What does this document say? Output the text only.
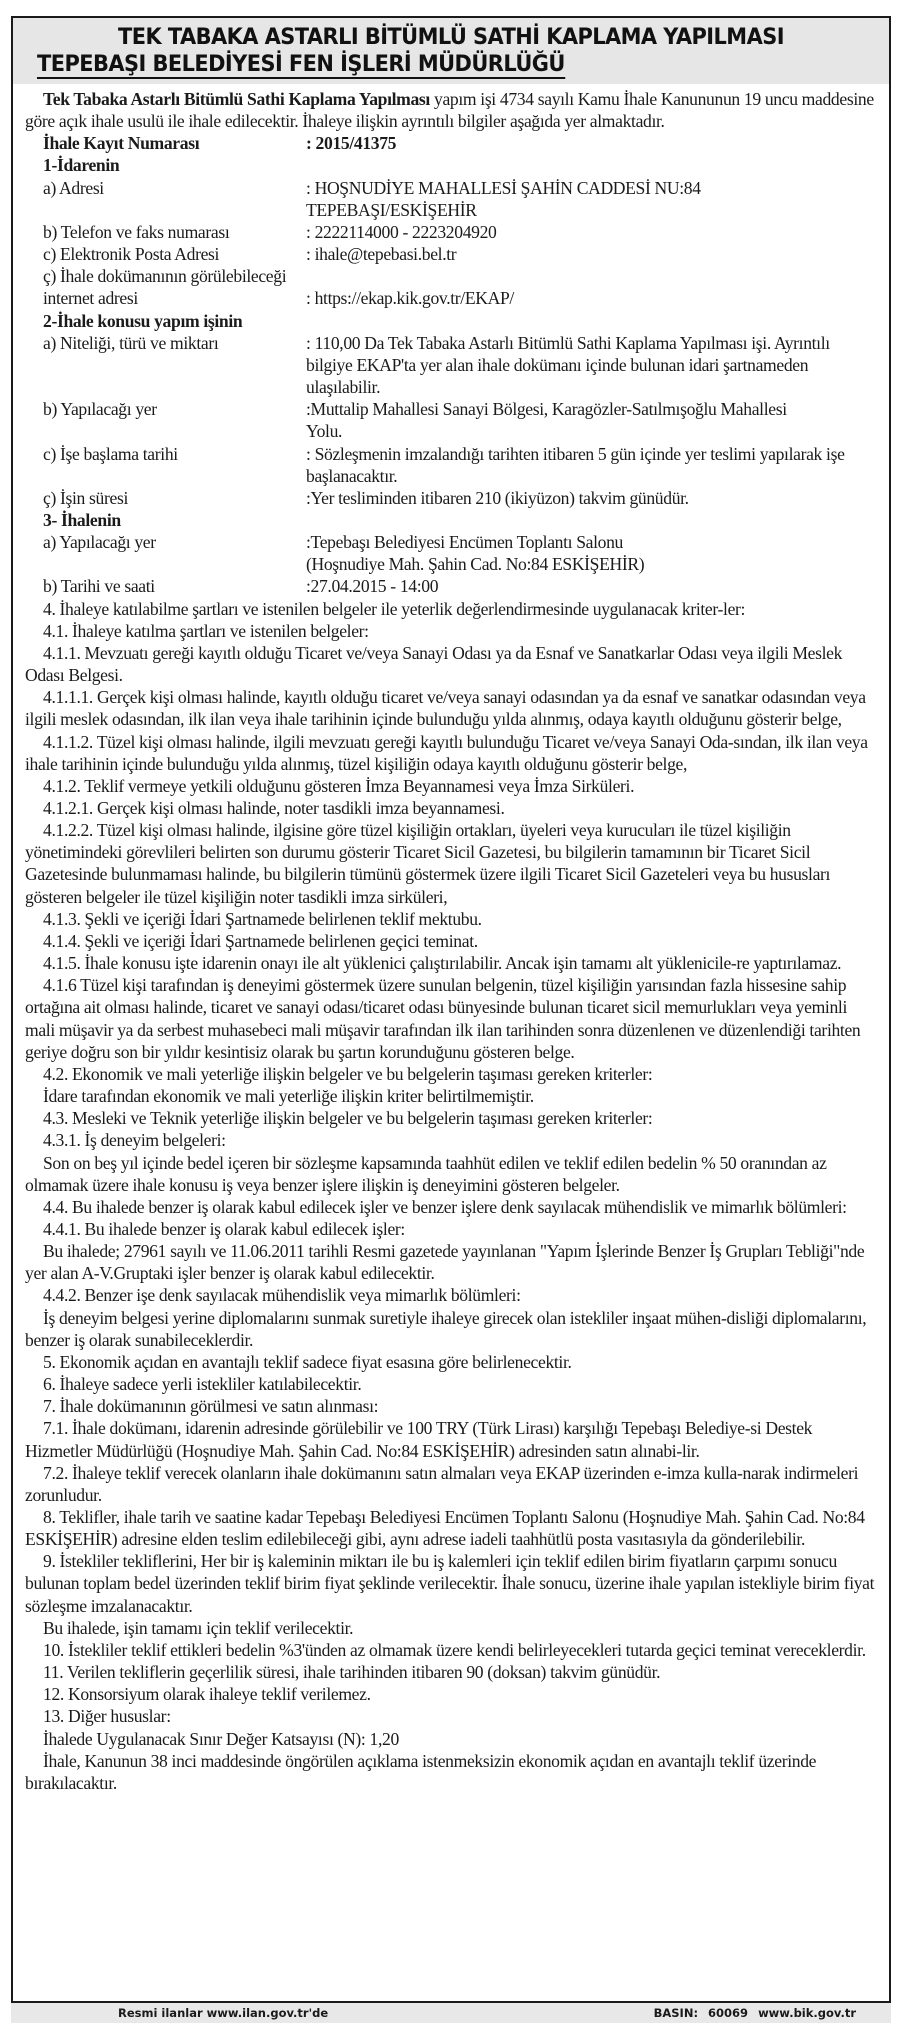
TEK TABAKA ASTARLI BİTÜMLÜ SATHİ KAPLAMA YAPILMASI
TEPEBAŞI BELEDİYESİ FEN İŞLERİ MÜDÜRLÜĞÜ

Tek Tabaka Astarlı Bitümlü Sathi Kaplama Yapılması yapım işi 4734 sayılı Kamu İhale Kanununun 19 uncu maddesine göre açık ihale usulü ile ihale edilecektir. İhaleye ilişkin ayrıntılı bilgiler aşağıda yer almaktadır.

İhale Kayıt Numarası	: 2015/41375
1-İdarenin
a) Adresi	: HOŞNUDİYE MAHALLESİ ŞAHİN CADDESİ NU:84 TEPEBAŞI/ESKİŞEHİR
b) Telefon ve faks numarası	: 2222114000 - 2223204920
c) Elektronik Posta Adresi	: ihale@tepebasi.bel.tr
ç) İhale dokümanının görülebileceği
internet adresi	: https://ekap.kik.gov.tr/EKAP/
2-İhale konusu yapım işinin
a) Niteliği, türü ve miktarı	: 110,00 Da Tek Tabaka Astarlı Bitümlü Sathi Kaplama Yapılması işi. Ayrıntılı bilgiye EKAP'ta yer alan ihale dokümanı içinde bulunan idari şartnameden ulaşılabilir.
b) Yapılacağı yer	:Muttalip Mahallesi Sanayi Bölgesi, Karagözler-Satılmışoğlu Mahallesi Yolu.
c) İşe başlama tarihi	: Sözleşmenin imzalandığı tarihten itibaren 5 gün içinde yer teslimi yapılarak işe başlanacaktır.
ç) İşin süresi	:Yer tesliminden itibaren 210 (ikiyüzon) takvim günüdür.
3- İhalenin
a) Yapılacağı yer	:Tepebaşı Belediyesi Encümen Toplantı Salonu
(Hoşnudiye Mah. Şahin Cad. No:84 ESKİŞEHİR)
b) Tarihi ve saati	:27.04.2015 - 14:00

4. İhaleye katılabilme şartları ve istenilen belgeler ile yeterlik değerlendirmesinde uygulanacak kriter-ler:

4.1. İhaleye katılma şartları ve istenilen belgeler:

4.1.1. Mevzuatı gereği kayıtlı olduğu Ticaret ve/veya Sanayi Odası ya da Esnaf ve Sanatkarlar Odası veya ilgili Meslek Odası Belgesi.

4.1.1.1. Gerçek kişi olması halinde, kayıtlı olduğu ticaret ve/veya sanayi odasından ya da esnaf ve sanatkar odasından veya ilgili meslek odasından, ilk ilan veya ihale tarihinin içinde bulunduğu yılda alınmış, odaya kayıtlı olduğunu gösterir belge,

4.1.1.2. Tüzel kişi olması halinde, ilgili mevzuatı gereği kayıtlı bulunduğu Ticaret ve/veya Sanayi Oda-sından, ilk ilan veya ihale tarihinin içinde bulunduğu yılda alınmış, tüzel kişiliğin odaya kayıtlı olduğunu gösterir belge,

4.1.2. Teklif vermeye yetkili olduğunu gösteren İmza Beyannamesi veya İmza Sirküleri.

4.1.2.1. Gerçek kişi olması halinde, noter tasdikli imza beyannamesi.

4.1.2.2. Tüzel kişi olması halinde, ilgisine göre tüzel kişiliğin ortakları, üyeleri veya kurucuları ile tüzel kişiliğin yönetimindeki görevlileri belirten son durumu gösterir Ticaret Sicil Gazetesi, bu bilgilerin tamamının bir Ticaret Sicil Gazetesinde bulunmaması halinde, bu bilgilerin tümünü göstermek üzere ilgili Ticaret Sicil Gazeteleri veya bu hususları gösteren belgeler ile tüzel kişiliğin noter tasdikli imza sirküleri,

4.1.3. Şekli ve içeriği İdari Şartnamede belirlenen teklif mektubu.

4.1.4. Şekli ve içeriği İdari Şartnamede belirlenen geçici teminat.

4.1.5. İhale konusu işte idarenin onayı ile alt yüklenici çalıştırılabilir. Ancak işin tamamı alt yüklenicile-re yaptırılamaz.

4.1.6 Tüzel kişi tarafından iş deneyimi göstermek üzere sunulan belgenin, tüzel kişiliğin yarısından fazla hissesine sahip ortağına ait olması halinde, ticaret ve sanayi odası/ticaret odası bünyesinde bulunan ticaret sicil memurlukları veya yeminli mali müşavir ya da serbest muhasebeci mali müşavir tarafından ilk ilan tarihinden sonra düzenlenen ve düzenlendiği tarihten geriye doğru son bir yıldır kesintisiz olarak bu şartın korunduğunu gösteren belge.

4.2. Ekonomik ve mali yeterliğe ilişkin belgeler ve bu belgelerin taşıması gereken kriterler:

İdare tarafından ekonomik ve mali yeterliğe ilişkin kriter belirtilmemiştir.

4.3. Mesleki ve Teknik yeterliğe ilişkin belgeler ve bu belgelerin taşıması gereken kriterler:

4.3.1. İş deneyim belgeleri:

Son on beş yıl içinde bedel içeren bir sözleşme kapsamında taahhüt edilen ve teklif edilen bedelin % 50 oranından az olmamak üzere ihale konusu iş veya benzer işlere ilişkin iş deneyimini gösteren belgeler.

4.4. Bu ihalede benzer iş olarak kabul edilecek işler ve benzer işlere denk sayılacak mühendislik ve mimarlık bölümleri:

4.4.1. Bu ihalede benzer iş olarak kabul edilecek işler:

Bu ihalede; 27961 sayılı ve 11.06.2011 tarihli Resmi gazetede yayınlanan "Yapım İşlerinde Benzer İş Grupları Tebliği"nde yer alan A-V.Gruptaki işler benzer iş olarak kabul edilecektir.

4.4.2. Benzer işe denk sayılacak mühendislik veya mimarlık bölümleri:

İş deneyim belgesi yerine diplomalarını sunmak suretiyle ihaleye girecek olan istekliler inşaat mühen-disliği diplomalarını, benzer iş olarak sunabileceklerdir.

5. Ekonomik açıdan en avantajlı teklif sadece fiyat esasına göre belirlenecektir.

6. İhaleye sadece yerli istekliler katılabilecektir.

7. İhale dokümanının görülmesi ve satın alınması:

7.1. İhale dokümanı, idarenin adresinde görülebilir ve 100 TRY (Türk Lirası) karşılığı Tepebaşı Belediye-si Destek Hizmetler Müdürlüğü (Hoşnudiye Mah. Şahin Cad. No:84 ESKİŞEHİR) adresinden satın alınabi-lir.

7.2. İhaleye teklif verecek olanların ihale dokümanını satın almaları veya EKAP üzerinden e-imza kulla-narak indirmeleri zorunludur.

8. Teklifler, ihale tarih ve saatine kadar Tepebaşı Belediyesi Encümen Toplantı Salonu (Hoşnudiye Mah. Şahin Cad. No:84 ESKİŞEHİR) adresine elden teslim edilebileceği gibi, aynı adrese iadeli taahhütlü posta vasıtasıyla da gönderilebilir.

9. İstekliler tekliflerini, Her bir iş kaleminin miktarı ile bu iş kalemleri için teklif edilen birim fiyatların çarpımı sonucu bulunan toplam bedel üzerinden teklif birim fiyat şeklinde verilecektir. İhale sonucu, üzerine ihale yapılan istekliyle birim fiyat sözleşme imzalanacaktır.

Bu ihalede, işin tamamı için teklif verilecektir.

10. İstekliler teklif ettikleri bedelin %3'ünden az olmamak üzere kendi belirleyecekleri tutarda geçici teminat vereceklerdir.

11. Verilen tekliflerin geçerlilik süresi, ihale tarihinden itibaren 90 (doksan) takvim günüdür.

12. Konsorsiyum olarak ihaleye teklif verilemez.

13. Diğer hususlar:

İhalede Uygulanacak Sınır Değer Katsayısı (N): 1,20

İhale, Kanunun 38 inci maddesinde öngörülen açıklama istenmeksizin ekonomik açıdan en avantajlı teklif üzerinde bırakılacaktır.

Resmi ilanlar www.ilan.gov.tr'de	BASIN: 60069 www.bik.gov.tr
